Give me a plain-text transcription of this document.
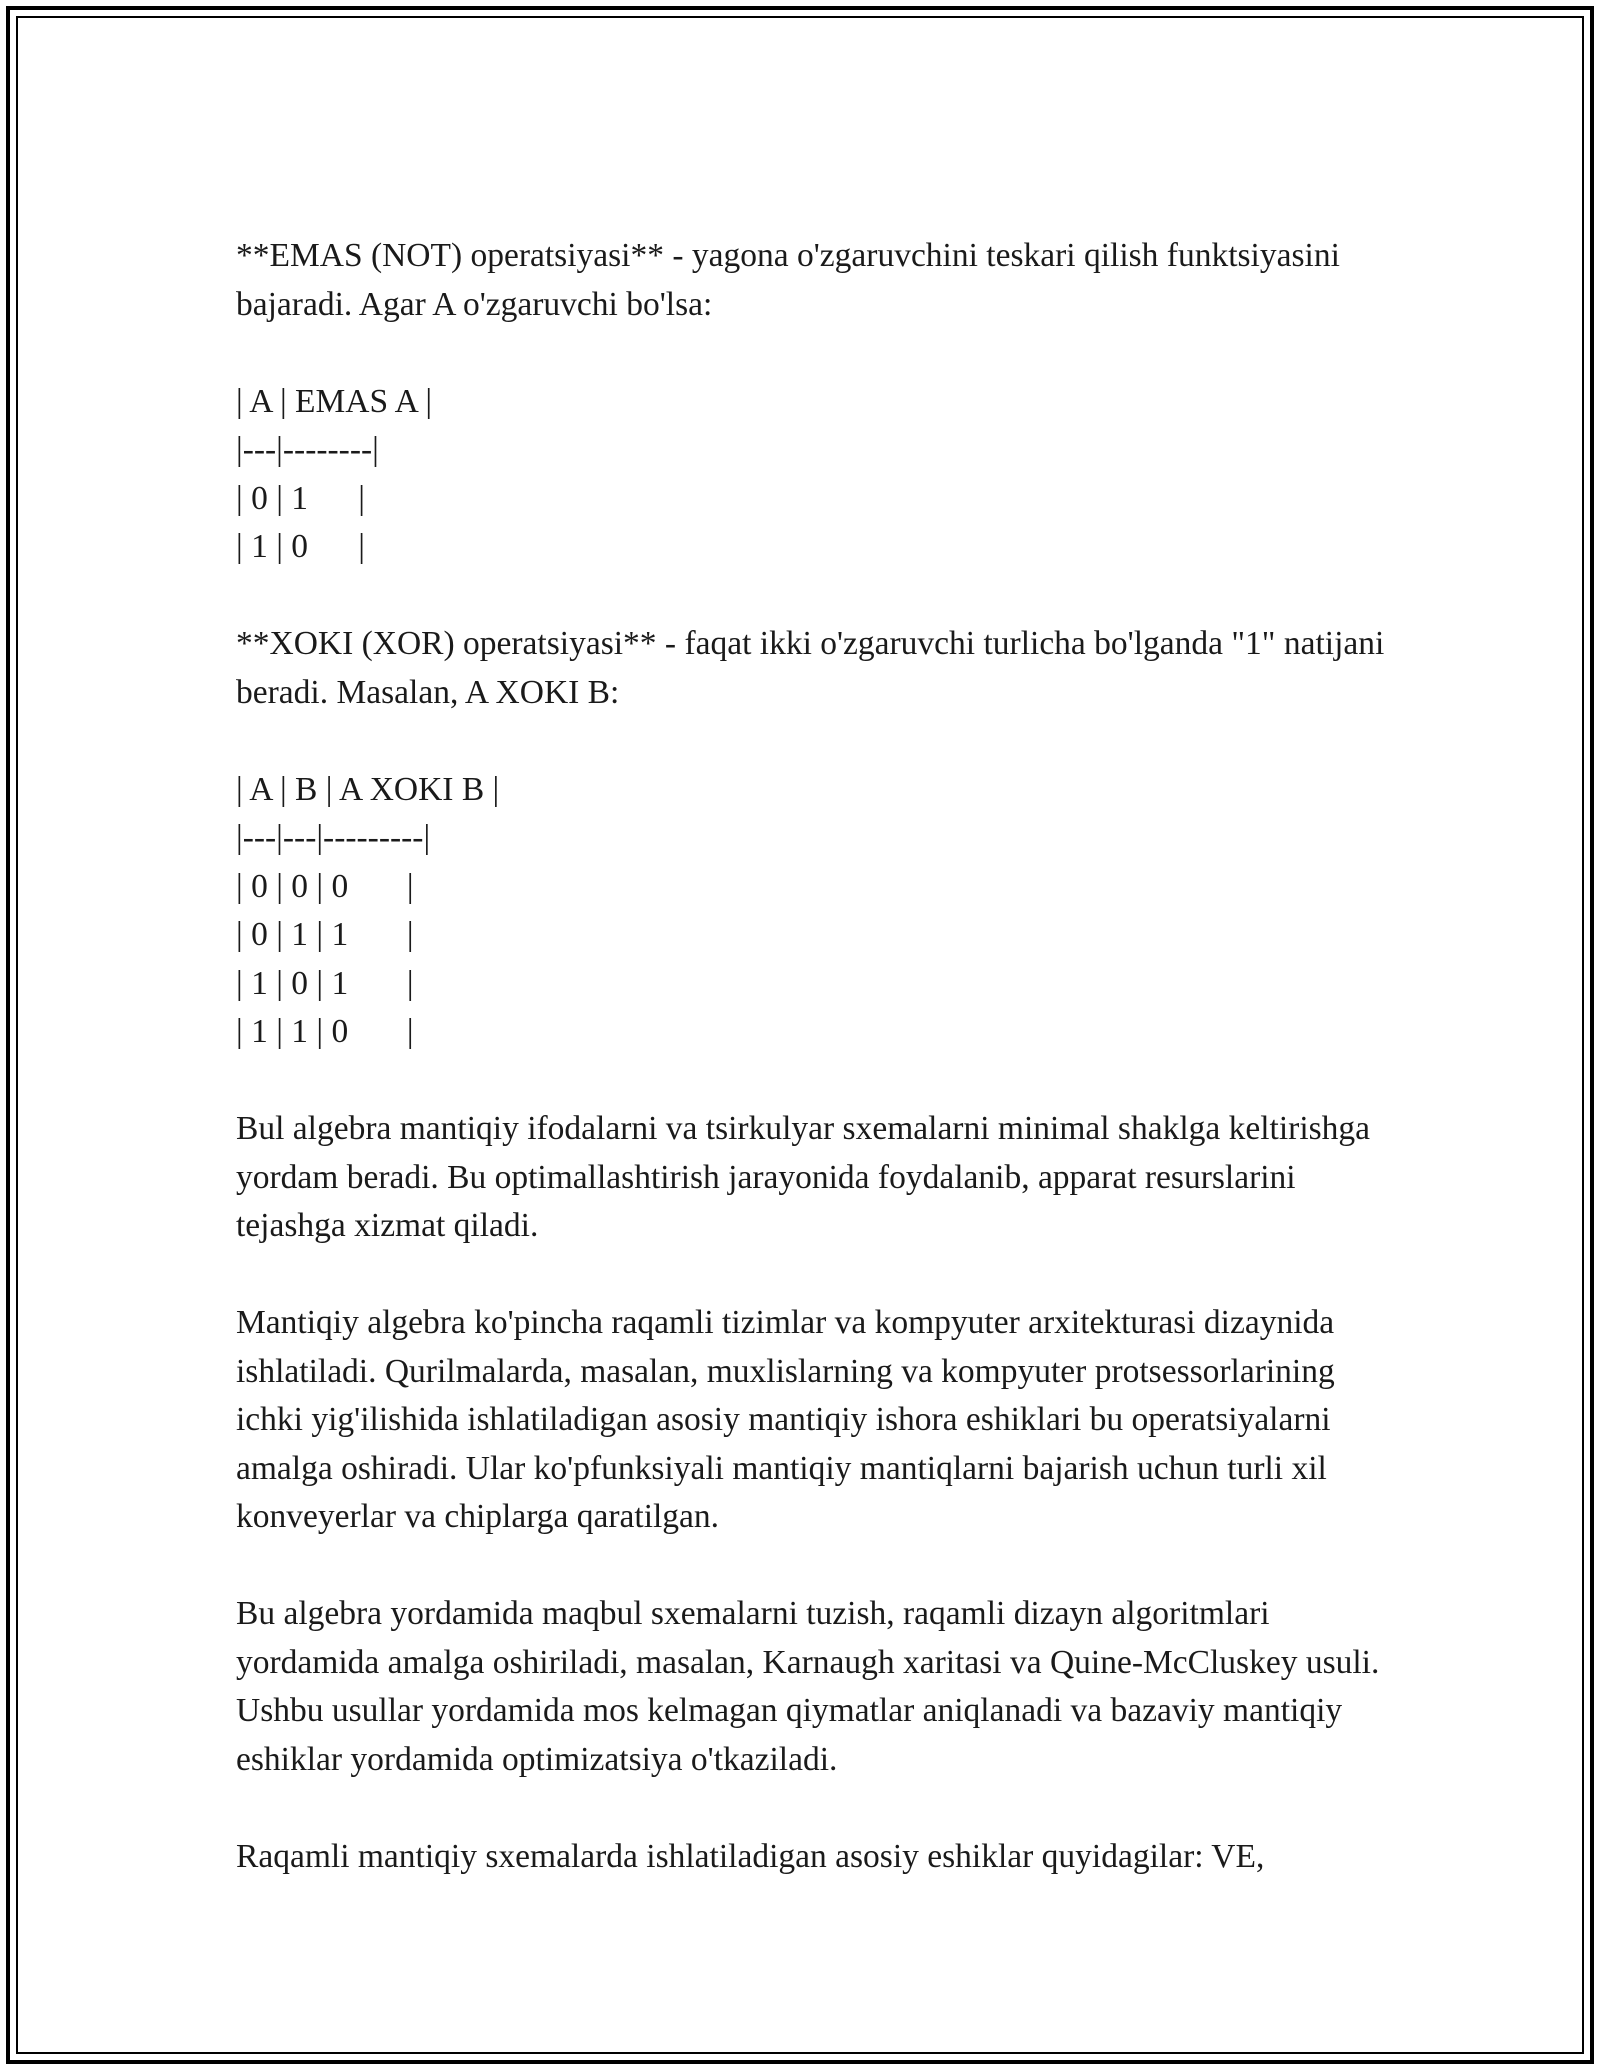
**EMAS (NOT) operatsiyasi** - yagona o'zgaruvchini teskari qilish funktsiyasini bajaradi. Agar A o'zgaruvchi bo'lsa:

| A | EMAS A |
|---|--------|
| 0 | 1      |
| 1 | 0      |

**XOKI (XOR) operatsiyasi** - faqat ikki o'zgaruvchi turlicha bo'lganda "1" natijani beradi. Masalan, A XOKI B:

| A | B | A XOKI B |
|---|---|---------|
| 0 | 0 | 0       |
| 0 | 1 | 1       |
| 1 | 0 | 1       |
| 1 | 1 | 0       |

Bul algebra mantiqiy ifodalarni va tsirkulyar sxemalarni minimal shaklga keltirishga yordam beradi. Bu optimallashtirish jarayonida foydalanib, apparat resurslarini tejashga xizmat qiladi.

Mantiqiy algebra ko'pincha raqamli tizimlar va kompyuter arxitekturasi dizaynida ishlatiladi. Qurilmalarda, masalan, muxlislarning va kompyuter protsessorlarining ichki yig'ilishida ishlatiladigan asosiy mantiqiy ishora eshiklari bu operatsiyalarni amalga oshiradi. Ular ko'pfunksiyali mantiqiy mantiqlarni bajarish uchun turli xil konveyerlar va chiplarga qaratilgan.

Bu algebra yordamida maqbul sxemalarni tuzish, raqamli dizayn algoritmlari yordamida amalga oshiriladi, masalan, Karnaugh xaritasi va Quine-McCluskey usuli. Ushbu usullar yordamida mos kelmagan qiymatlar aniqlanadi va bazaviy mantiqiy eshiklar yordamida optimizatsiya o'tkaziladi.

Raqamli mantiqiy sxemalarda ishlatiladigan asosiy eshiklar quyidagilar: VE,
